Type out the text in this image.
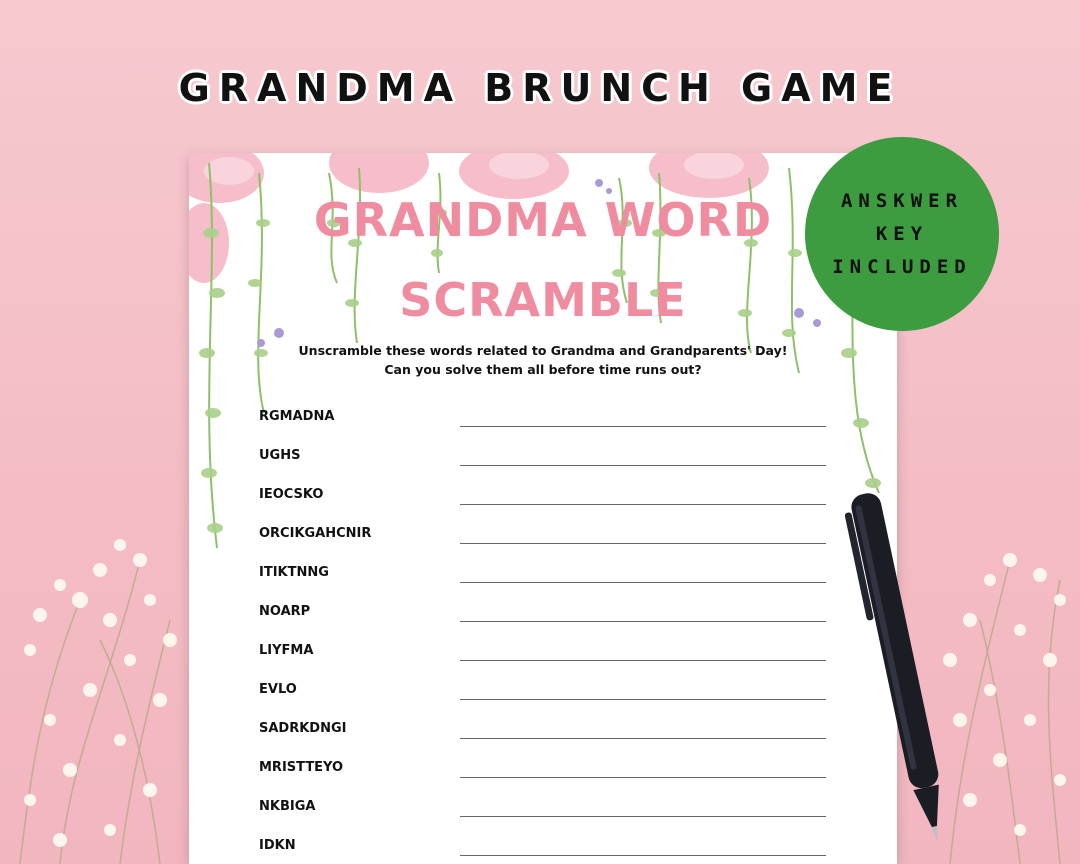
GRANDMA BRUNCH GAME
GRANDMA WORD
SCRAMBLE
Unscramble these words related to Grandma and Grandparents' Day!
Can you solve them all before time runs out?
RGMADNA
UGHS
IEOCSKO
ORCIKGAHCNIR
ITIKTNNG
NOARP
LIYFMA
EVLO
SADRKDNGI
MRISTTEYO
NKBIGA
IDKN
ANSKWER
KEY
INCLUDED
